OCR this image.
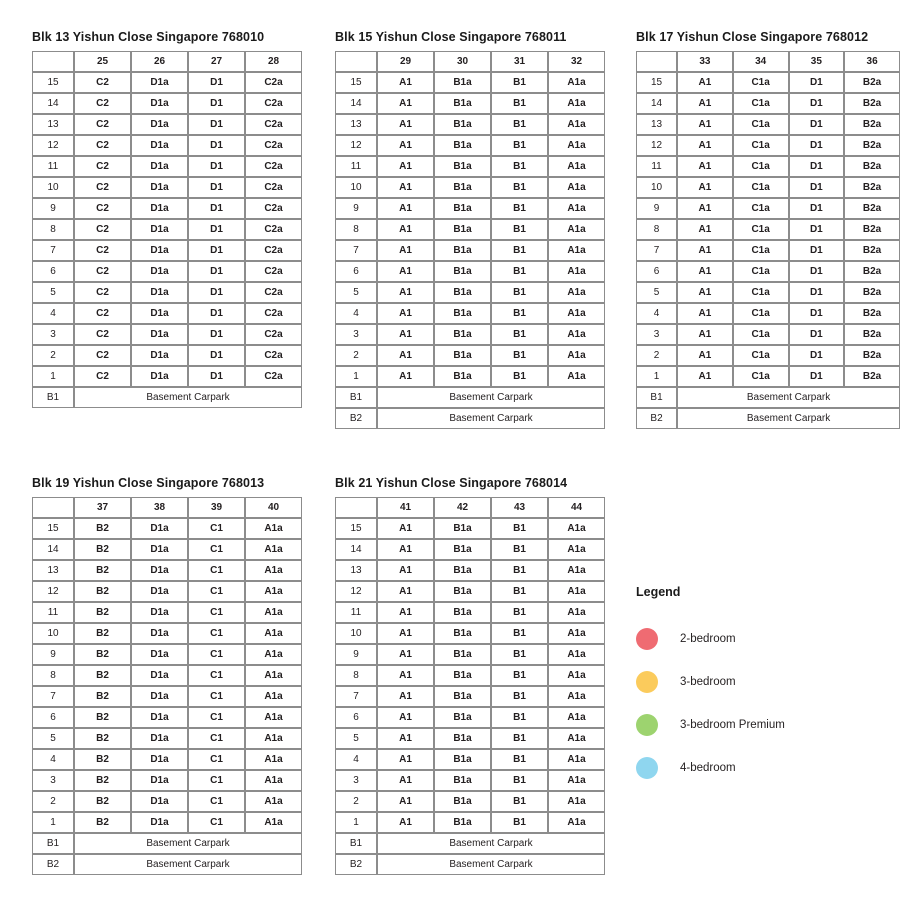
Blk 13 Yishun Close Singapore 768010
	25	26	27	28
15	C2	D1a	D1	C2a
14	C2	D1a	D1	C2a
13	C2	D1a	D1	C2a
12	C2	D1a	D1	C2a
11	C2	D1a	D1	C2a
10	C2	D1a	D1	C2a
9	C2	D1a	D1	C2a
8	C2	D1a	D1	C2a
7	C2	D1a	D1	C2a
6	C2	D1a	D1	C2a
5	C2	D1a	D1	C2a
4	C2	D1a	D1	C2a
3	C2	D1a	D1	C2a
2	C2	D1a	D1	C2a
1	C2	D1a	D1	C2a
B1	Basement Carpark			
Blk 15 Yishun Close Singapore 768011
	29	30	31	32
15	A1	B1a	B1	A1a
14	A1	B1a	B1	A1a
13	A1	B1a	B1	A1a
12	A1	B1a	B1	A1a
11	A1	B1a	B1	A1a
10	A1	B1a	B1	A1a
9	A1	B1a	B1	A1a
8	A1	B1a	B1	A1a
7	A1	B1a	B1	A1a
6	A1	B1a	B1	A1a
5	A1	B1a	B1	A1a
4	A1	B1a	B1	A1a
3	A1	B1a	B1	A1a
2	A1	B1a	B1	A1a
1	A1	B1a	B1	A1a
B1	Basement Carpark			
B2	Basement Carpark			
Blk 17 Yishun Close Singapore 768012
	33	34	35	36
15	A1	C1a	D1	B2a
14	A1	C1a	D1	B2a
13	A1	C1a	D1	B2a
12	A1	C1a	D1	B2a
11	A1	C1a	D1	B2a
10	A1	C1a	D1	B2a
9	A1	C1a	D1	B2a
8	A1	C1a	D1	B2a
7	A1	C1a	D1	B2a
6	A1	C1a	D1	B2a
5	A1	C1a	D1	B2a
4	A1	C1a	D1	B2a
3	A1	C1a	D1	B2a
2	A1	C1a	D1	B2a
1	A1	C1a	D1	B2a
B1	Basement Carpark			
B2	Basement Carpark			
Blk 19 Yishun Close Singapore 768013
	37	38	39	40
15	B2	D1a	C1	A1a
14	B2	D1a	C1	A1a
13	B2	D1a	C1	A1a
12	B2	D1a	C1	A1a
11	B2	D1a	C1	A1a
10	B2	D1a	C1	A1a
9	B2	D1a	C1	A1a
8	B2	D1a	C1	A1a
7	B2	D1a	C1	A1a
6	B2	D1a	C1	A1a
5	B2	D1a	C1	A1a
4	B2	D1a	C1	A1a
3	B2	D1a	C1	A1a
2	B2	D1a	C1	A1a
1	B2	D1a	C1	A1a
B1	Basement Carpark			
B2	Basement Carpark			
Blk 21 Yishun Close Singapore 768014
	41	42	43	44
15	A1	B1a	B1	A1a
14	A1	B1a	B1	A1a
13	A1	B1a	B1	A1a
12	A1	B1a	B1	A1a
11	A1	B1a	B1	A1a
10	A1	B1a	B1	A1a
9	A1	B1a	B1	A1a
8	A1	B1a	B1	A1a
7	A1	B1a	B1	A1a
6	A1	B1a	B1	A1a
5	A1	B1a	B1	A1a
4	A1	B1a	B1	A1a
3	A1	B1a	B1	A1a
2	A1	B1a	B1	A1a
1	A1	B1a	B1	A1a
B1	Basement Carpark			
B2	Basement Carpark			
Legend
2-bedroom
3-bedroom
3-bedroom Premium
4-bedroom
